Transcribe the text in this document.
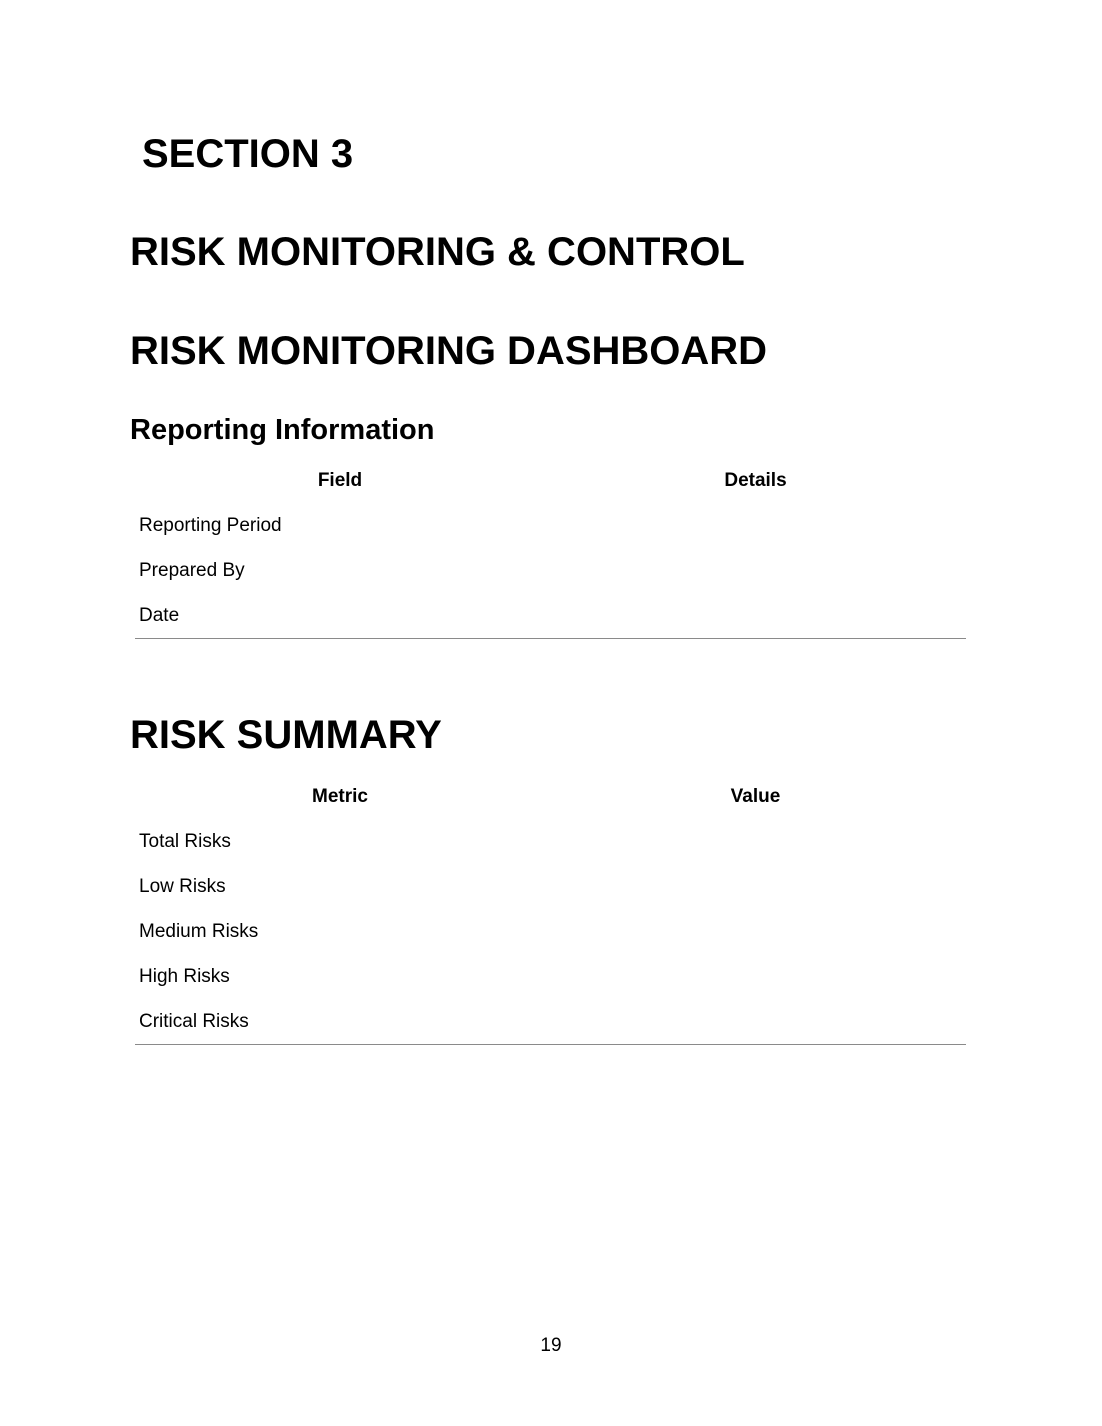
SECTION 3
RISK MONITORING & CONTROL
RISK MONITORING DASHBOARD
Reporting Information
Field	Details
Reporting Period	
Prepared By	
Date	
RISK SUMMARY
Metric	Value
Total Risks	
Low Risks	
Medium Risks	
High Risks	
Critical Risks	
19
